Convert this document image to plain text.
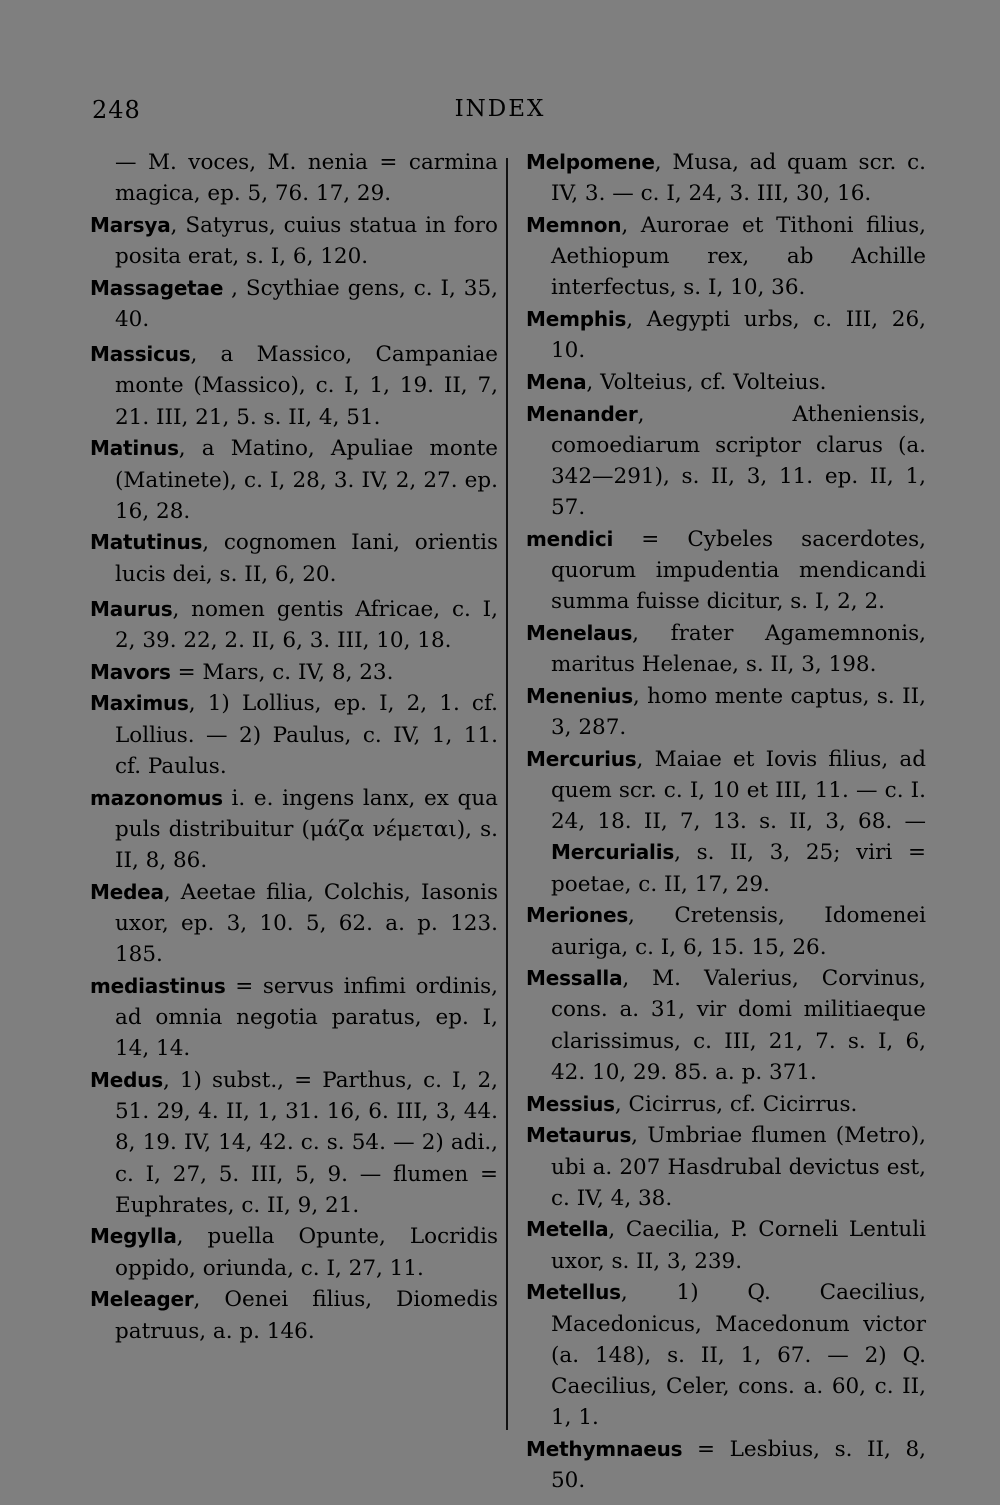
248	INDEX

— M. voces, M. nenia = carmina magica, ep. 5, 76. 17, 29.

Marsya, Satyrus, cuius statua in foro posita erat, s. I, 6, 120.

Massagetae , Scythiae gens, c. I, 35, 40.

Massicus, a Massico, Campaniae monte (Massico), c. I, 1, 19. II, 7, 21. III, 21, 5. s. II, 4, 51.

Matinus, a Matino, Apuliae monte (Matinete), c. I, 28, 3. IV, 2, 27. ep. 16, 28.

Matutinus, cognomen Iani, orientis lucis dei, s. II, 6, 20.

Maurus, nomen gentis Africae, c. I, 2, 39. 22, 2. II, 6, 3. III, 10, 18.

Mavors = Mars, c. IV, 8, 23.

Maximus, 1) Lollius, ep. I, 2, 1. cf. Lollius. — 2) Paulus, c. IV, 1, 11. cf. Paulus.

mazonomus i. e. ingens lanx, ex qua puls distribuitur (μάζα νέμεται), s. II, 8, 86.

Medea, Aeetae filia, Colchis, Iasonis uxor, ep. 3, 10. 5, 62. a. p. 123. 185.

mediastinus = servus infimi ordinis, ad omnia negotia paratus, ep. I, 14, 14.

Medus, 1) subst., = Parthus, c. I, 2, 51. 29, 4. II, 1, 31. 16, 6. III, 3, 44. 8, 19. IV, 14, 42. c. s. 54. — 2) adi., c. I, 27, 5. III, 5, 9. — flumen = Euphrates, c. II, 9, 21.

Megylla, puella Opunte, Locridis oppido, oriunda, c. I, 27, 11.

Meleager, Oenei filius, Diomedis patruus, a. p. 146.

Melpomene, Musa, ad quam scr. c. IV, 3. — c. I, 24, 3. III, 30, 16.

Memnon, Aurorae et Tithoni filius, Aethiopum rex, ab Achille interfectus, s. I, 10, 36.

Memphis, Aegypti urbs, c. III, 26, 10.

Mena, Volteius, cf. Volteius.

Menander, Atheniensis, comoediarum scriptor clarus (a. 342—291), s. II, 3, 11. ep. II, 1, 57.

mendici = Cybeles sacerdotes, quorum impudentia mendicandi summa fuisse dicitur, s. I, 2, 2.

Menelaus, frater Agamemnonis, maritus Helenae, s. II, 3, 198.

Menenius, homo mente captus, s. II, 3, 287.

Mercurius, Maiae et Iovis filius, ad quem scr. c. I, 10 et III, 11. — c. I. 24, 18. II, 7, 13. s. II, 3, 68. — Mercurialis, s. II, 3, 25; viri = poetae, c. II, 17, 29.

Meriones, Cretensis, Idomenei auriga, c. I, 6, 15. 15, 26.

Messalla, M. Valerius, Corvinus, cons. a. 31, vir domi militiaeque clarissimus, c. III, 21, 7. s. I, 6, 42. 10, 29. 85. a. p. 371.

Messius, Cicirrus, cf. Cicirrus.

Metaurus, Umbriae flumen (Metro), ubi a. 207 Hasdrubal devictus est, c. IV, 4, 38.

Metella, Caecilia, P. Corneli Lentuli uxor, s. II, 3, 239.

Metellus, 1) Q. Caecilius, Macedonicus, Macedonum victor (a. 148), s. II, 1, 67. — 2) Q. Caecilius, Celer, cons. a. 60, c. II, 1, 1.

Methymnaeus = Lesbius, s. II, 8, 50.
